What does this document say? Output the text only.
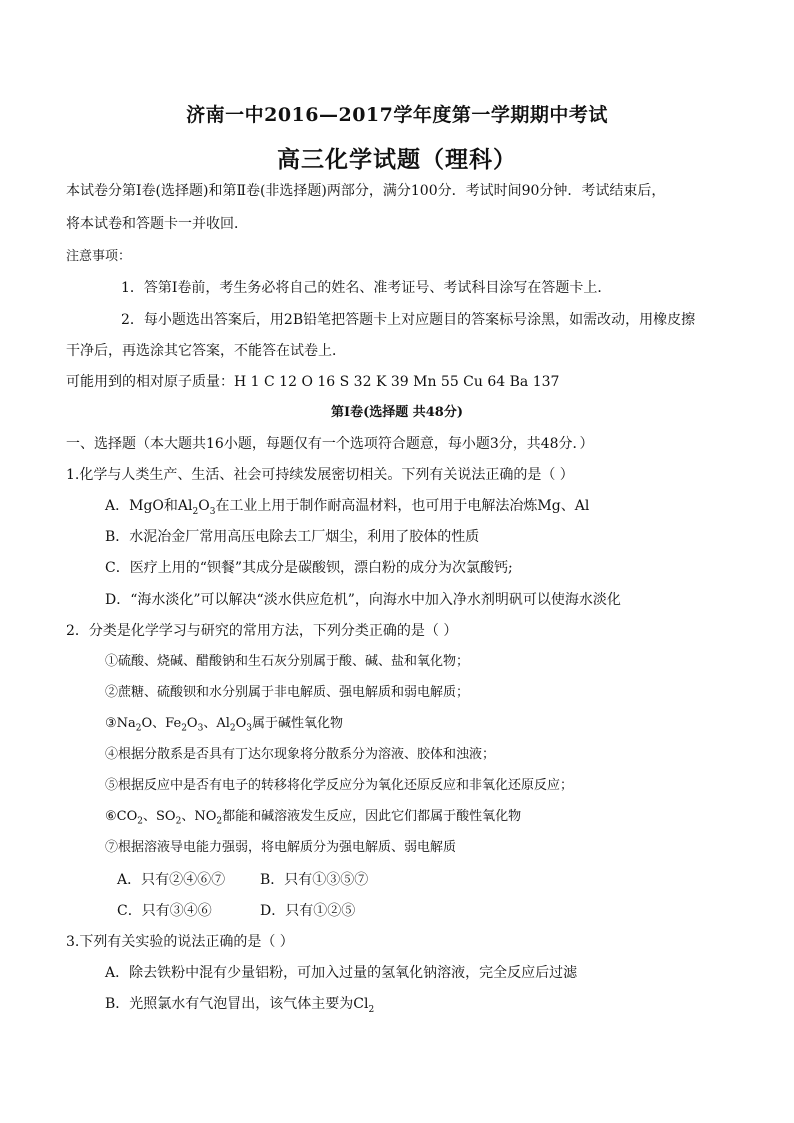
济南一中2016—2017学年度第一学期期中考试
高三化学试题（理科）
本试卷分第Ⅰ卷(选择题)和第Ⅱ卷(非选择题)两部分，满分100分．考试时间90分钟．考试结束后，
将本试卷和答题卡一并收回．
注意事项：
1．答第Ⅰ卷前，考生务必将自己的姓名、准考证号、考试科目涂写在答题卡上．
2．每小题选出答案后，用2B铅笔把答题卡上对应题目的答案标号涂黑，如需改动，用橡皮擦
干净后，再选涂其它答案，不能答在试卷上．
可能用到的相对原子质量：H 1 C 12 O 16 S 32 K 39 Mn 55 Cu 64 Ba 137
第Ⅰ卷(选择题 共48分)
一、选择题（本大题共16小题，每题仅有一个选项符合题意，每小题3分，共48分．）
1.化学与人类生产、生活、社会可持续发展密切相关。下列有关说法正确的是（ ）
A．MgO和$Al_2O_3$在工业上用于制作耐高温材料，也可用于电解法冶炼Mg、Al
B．水泥冶金厂常用高压电除去工厂烟尘，利用了胶体的性质
C．医疗上用的“钡餐”其成分是碳酸钡，漂白粉的成分为次氯酸钙;
D．“海水淡化”可以解决“淡水供应危机”，向海水中加入净水剂明矾可以使海水淡化
2．分类是化学学习与研究的常用方法，下列分类正确的是（ ）
①硫酸、烧碱、醋酸钠和生石灰分别属于酸、碱、盐和氧化物；
②蔗糖、硫酸钡和水分别属于非电解质、强电解质和弱电解质；
$③Na_2O$、$Fe_2O_3$、$Al_2O_3$属于碱性氧化物
④根据分散系是否具有丁达尔现象将分散系分为溶液、胶体和浊液；
⑤根据反应中是否有电子的转移将化学反应分为氧化还原反应和非氧化还原反应；
$⑥CO_2$、$SO_2$、$NO_2$都能和碱溶液发生反应，因此它们都属于酸性氧化物
⑦根据溶液导电能力强弱，将电解质分为强电解质、弱电解质
A．只有②④⑥⑦ B．只有①③⑤⑦
C．只有③④⑥	D．只有①②⑤
3.下列有关实验的说法正确的是（ ）
A．除去铁粉中混有少量铝粉，可加入过量的氢氧化钠溶液，完全反应后过滤
B．光照氯水有气泡冒出，该气体主要为$Cl_2$
